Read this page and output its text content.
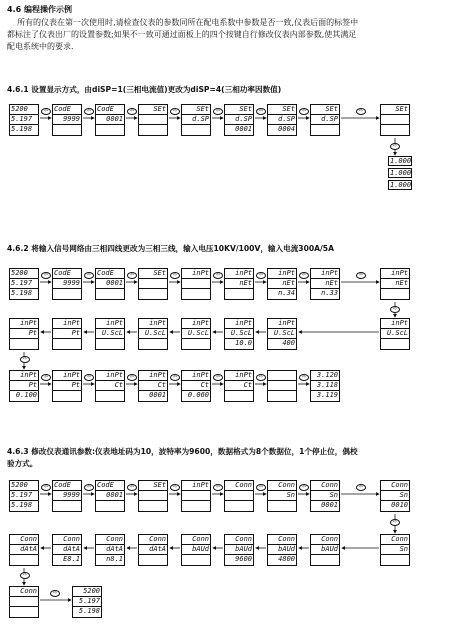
4.6 编程操作示例
所有的仪表在第一次使用时,请检查仪表的参数同所在配电系数中参数是否一致,仪表后面的标签中
都标注了仪表出厂的设置参数;如果不一致可通过面板上的四个按键自行修改仪表内部参数,使其满足
配电系统中的要求.
4.6.1 设置显示方式，由diSP=1(三相电流值)更改为diSP=4(三相功率因数值)
4.6.2 将输入信号网络由三相四线更改为三相三线，输入电压10KV/100V，输入电流300A/5A
4.6.3 修改仪表通讯参数:仪表地址码为10，波特率为9600，数据格式为8个数据位，1个停止位，偶校
验方式。
5200
5.197
5.198
CodE
9999
CodE
0001
SEt	SEt
d.SP
SEt
d.SP
0001
SEt
d.SP
0004
SEt
d.SP
SEt
1.000
1.000
1.000
5200
5.197
5.198
CodE
9999
CodE
0001
SEt	inPt	inPt
nEt
inPt
nEt
n.34
inPt
nEt
n.33
inPt
nEt
inPt
Pt
inPt
Pt
inPt
U.ScL
inPt
U.ScL
inPt
U.ScL
inPt
U.ScL
10.0
inPt
U.ScL
400
inPt
U.ScL
inPt
Pt
0.100
inPt
Pt
inPt
Ct
inPt
Ct
0001
inPt
Ct
0.060
inPt
Ct
3.120
3.118
3.119
5200
5.197
5.198
CodE
9999
CodE
0001
SEt	inPt	Conn	Conn
Sn
Conn
Sn
0001
Conn
Sn
0010
Conn
dAtA
Conn
dAtA
E8.1
Conn
dAtA
n8.1
Conn
dAtA
Conn
bAUd
Conn
bAUd
9600
Conn
bAUd
4800
Conn
bAUd
Conn
Sn
Conn	5200
5.197
5.198
⇦	⇦	⇦	⇨	⇦	⇦	⇦	⇨
⇨
⇦	⇦	⇦	⇨	⇦	⇦	⇦	⇦
⇨
⇨
⇦	⇦	⇦	⇦	⇦	⇨	⇨
⇦	⇦	⇦	⇨	⇦	⇦	⇦	⇦
⇨
⇨
⇨
